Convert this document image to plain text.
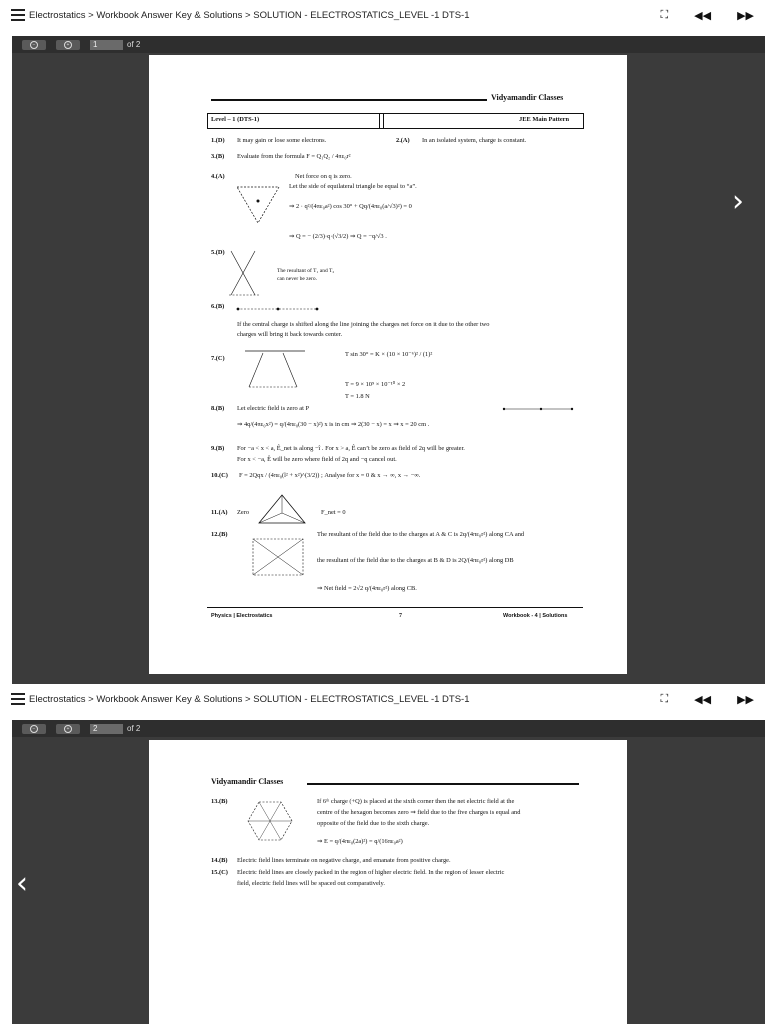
Electrostatics > Workbook Answer Key & Solutions > SOLUTION - ELECTROSTATICS_LEVEL -1 DTS-1	⛶ ◀◀ ▶▶
−	+	1	of 2
›
Vidyamandir Classes
Level – 1 (DTS-1)	JEE Main Pattern
1.(D) It may gain or lose some electrons.	2.(A) In an isolated system, charge is constant.
3.(B) Evaluate from the formula F = Q₁Q₂ / 4πε₀r²
4.(A)	Net force on q is zero.
Let the side of equilateral triangle be equal to “a”.
⇒ 2 · q²/(4πε₀a²) cos 30° + Qq/(4πε₀(a/√3)²) = 0
⇒ Q = − (2/3)·q·(√3/2) ⇒ Q = −q/√3 .
5.(D)
The resultant of T₁ and T₂
can never be zero.
6.(B)
If the central charge is shifted along the line joining the charges net force on it due to the other two
charges will bring it back towards center.
7.(C)
T sin 30° = K × (10 × 10⁻⁶)² / (1)²
T = 9 × 10⁹ × 10⁻¹⁰ × 2
T = 1.8 N
8.(B) Let electric field is zero at P
⇒ 4q/(4πε₀x²) = q/(4πε₀(30 − x)²) x is in cm ⇒ 2(30 − x) = x ⇒ x = 20 cm .
9.(B) For −a < x < a, Ê_net is along −î . For x > a, Ê can’t be zero as field of 2q will be greater.
For x < −a, Ê will be zero where field of 2q and −q cancel out.
10.(C) F = 2Qqx / (4πε₀(l² + x²)^(3/2)) ; Analyse for x = 0 & x → ∞, x → −∞.
11.(A) Zero	F_net = 0
12.(B)	The resultant of the field due to the charges at A & C is 2q/(4πε₀r²) along CA and
the resultant of the field due to the charges at B & D is 2Q/(4πε₀r²) along DB
⇒ Net field = 2√2 q/(4πε₀r²) along CB.
Physics | Electrostatics	7	Workbook - 4 | Solutions
Electrostatics > Workbook Answer Key & Solutions > SOLUTION - ELECTROSTATICS_LEVEL -1 DTS-1	⛶ ◀◀ ▶▶
−	+	2	of 2
‹
Vidyamandir Classes
13.(B)	If 6ᵗʰ charge (+Q) is placed at the sixth corner then the net electric field at the
centre of the hexagon becomes zero ⇒ field due to the five charges is equal and
opposite of the field due to the sixth charge.
⇒ E = q/(4πε₀(2a)²) = q/(16πε₀a²)
14.(B) Electric field lines terminate on negative charge, and emanate from positive charge.
15.(C) Electric field lines are closely packed in the region of higher electric field. In the region of lesser electric
field, electric field lines will be spaced out comparatively.
